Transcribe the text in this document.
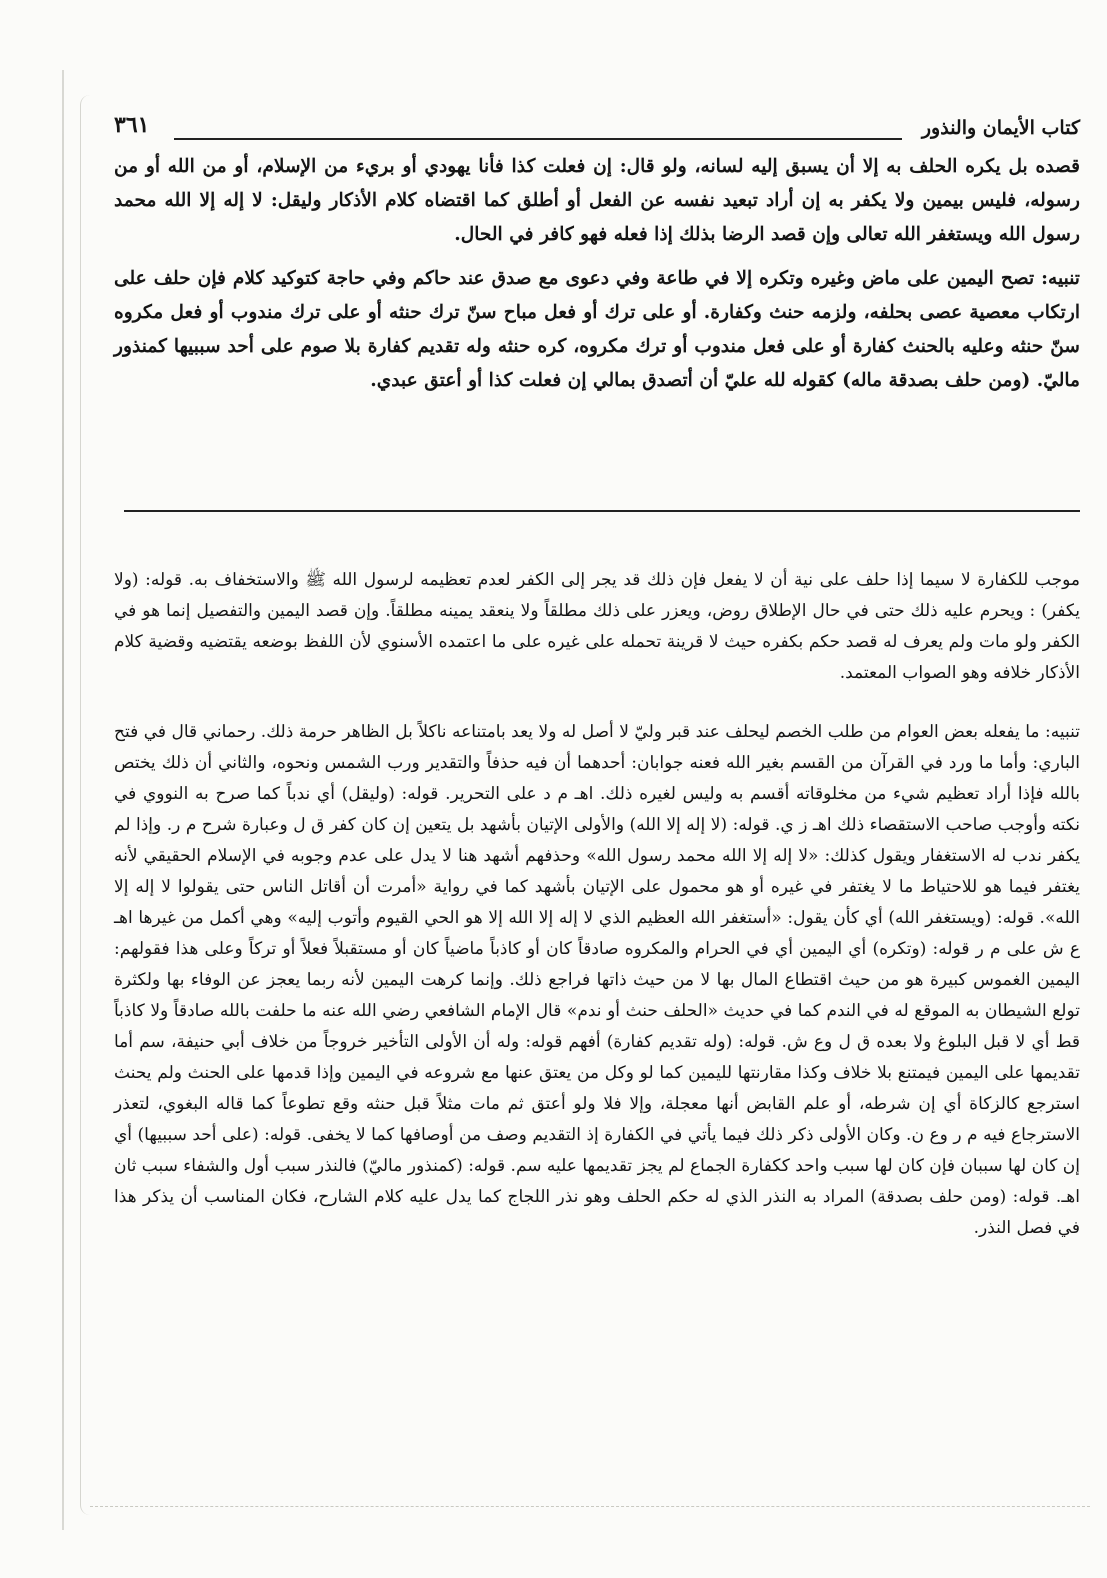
كتاب الأيمان والنذور
٣٦١

قصده بل يكره الحلف به إلا أن يسبق إليه لسانه، ولو قال: إن فعلت كذا فأنا يهودي أو بريء من الإسلام، أو من الله أو من رسوله، فليس بيمين ولا يكفر به إن أراد تبعيد نفسه عن الفعل أو أطلق كما اقتضاه كلام الأذكار وليقل: لا إله إلا الله محمد رسول الله ويستغفر الله تعالى وإن قصد الرضا بذلك إذا فعله فهو كافر في الحال.

تنبيه: تصح اليمين على ماض وغيره وتكره إلا في طاعة وفي دعوى مع صدق عند حاكم وفي حاجة كتوكيد كلام فإن حلف على ارتكاب معصية عصى بحلفه، ولزمه حنث وكفارة. أو على ترك أو فعل مباح سنّ ترك حنثه أو على ترك مندوب أو فعل مكروه سنّ حنثه وعليه بالحنث كفارة أو على فعل مندوب أو ترك مكروه، كره حنثه وله تقديم كفارة بلا صوم على أحد سببيها كمنذور ماليّ. (ومن حلف بصدقة ماله) كقوله لله عليّ أن أتصدق بمالي إن فعلت كذا أو أعتق عبدي.

موجب للكفارة لا سيما إذا حلف على نية أن لا يفعل فإن ذلك قد يجر إلى الكفر لعدم تعظيمه لرسول الله ﷺ والاستخفاف به. قوله: (ولا يكفر) : ويحرم عليه ذلك حتى في حال الإطلاق روض، ويعزر على ذلك مطلقاً ولا ينعقد يمينه مطلقاً. وإن قصد اليمين والتفصيل إنما هو في الكفر ولو مات ولم يعرف له قصد حكم بكفره حيث لا قرينة تحمله على غيره على ما اعتمده الأسنوي لأن اللفظ بوضعه يقتضيه وقضية كلام الأذكار خلافه وهو الصواب المعتمد.

تنبيه: ما يفعله بعض العوام من طلب الخصم ليحلف عند قبر وليّ لا أصل له ولا يعد بامتناعه ناكلاً بل الظاهر حرمة ذلك. رحماني قال في فتح الباري: وأما ما ورد في القرآن من القسم بغير الله فعنه جوابان: أحدهما أن فيه حذفاً والتقدير ورب الشمس ونحوه، والثاني أن ذلك يختص بالله فإذا أراد تعظيم شيء من مخلوقاته أقسم به وليس لغيره ذلك. اهـ م د على التحرير. قوله: (وليقل) أي ندباً كما صرح به النووي في نكته وأوجب صاحب الاستقصاء ذلك اهـ ز ي. قوله: (لا إله إلا الله) والأولى الإتيان بأشهد بل يتعين إن كان كفر ق ل وعبارة شرح م ر. وإذا لم يكفر ندب له الاستغفار ويقول كذلك: «لا إله إلا الله محمد رسول الله» وحذفهم أشهد هنا لا يدل على عدم وجوبه في الإسلام الحقيقي لأنه يغتفر فيما هو للاحتياط ما لا يغتفر في غيره أو هو محمول على الإتيان بأشهد كما في رواية «أمرت أن أقاتل الناس حتى يقولوا لا إله إلا الله». قوله: (ويستغفر الله) أي كأن يقول: «أستغفر الله العظيم الذي لا إله إلا الله إلا هو الحي القيوم وأتوب إليه» وهي أكمل من غيرها اهـ ع ش على م ر قوله: (وتكره) أي اليمين أي في الحرام والمكروه صادقاً كان أو كاذباً ماضياً كان أو مستقبلاً فعلاً أو تركاً وعلى هذا فقولهم: اليمين الغموس كبيرة هو من حيث اقتطاع المال بها لا من حيث ذاتها فراجع ذلك. وإنما كرهت اليمين لأنه ربما يعجز عن الوفاء بها ولكثرة تولع الشيطان به الموقع له في الندم كما في حديث «الحلف حنث أو ندم» قال الإمام الشافعي رضي الله عنه ما حلفت بالله صادقاً ولا كاذباً قط أي لا قبل البلوغ ولا بعده ق ل وع ش. قوله: (وله تقديم كفارة) أفهم قوله: وله أن الأولى التأخير خروجاً من خلاف أبي حنيفة، سم أما تقديمها على اليمين فيمتنع بلا خلاف وكذا مقارنتها لليمين كما لو وكل من يعتق عنها مع شروعه في اليمين وإذا قدمها على الحنث ولم يحنث استرجع كالزكاة أي إن شرطه، أو علم القابض أنها معجلة، وإلا فلا ولو أعتق ثم مات مثلاً قبل حنثه وقع تطوعاً كما قاله البغوي، لتعذر الاسترجاع فيه م ر وع ن. وكان الأولى ذكر ذلك فيما يأتي في الكفارة إذ التقديم وصف من أوصافها كما لا يخفى. قوله: (على أحد سببيها) أي إن كان لها سببان فإن كان لها سبب واحد ككفارة الجماع لم يجز تقديمها عليه سم. قوله: (كمنذور ماليّ) فالنذر سبب أول والشفاء سبب ثان اهـ. قوله: (ومن حلف بصدقة) المراد به النذر الذي له حكم الحلف وهو نذر اللجاج كما يدل عليه كلام الشارح، فكان المناسب أن يذكر هذا في فصل النذر.
